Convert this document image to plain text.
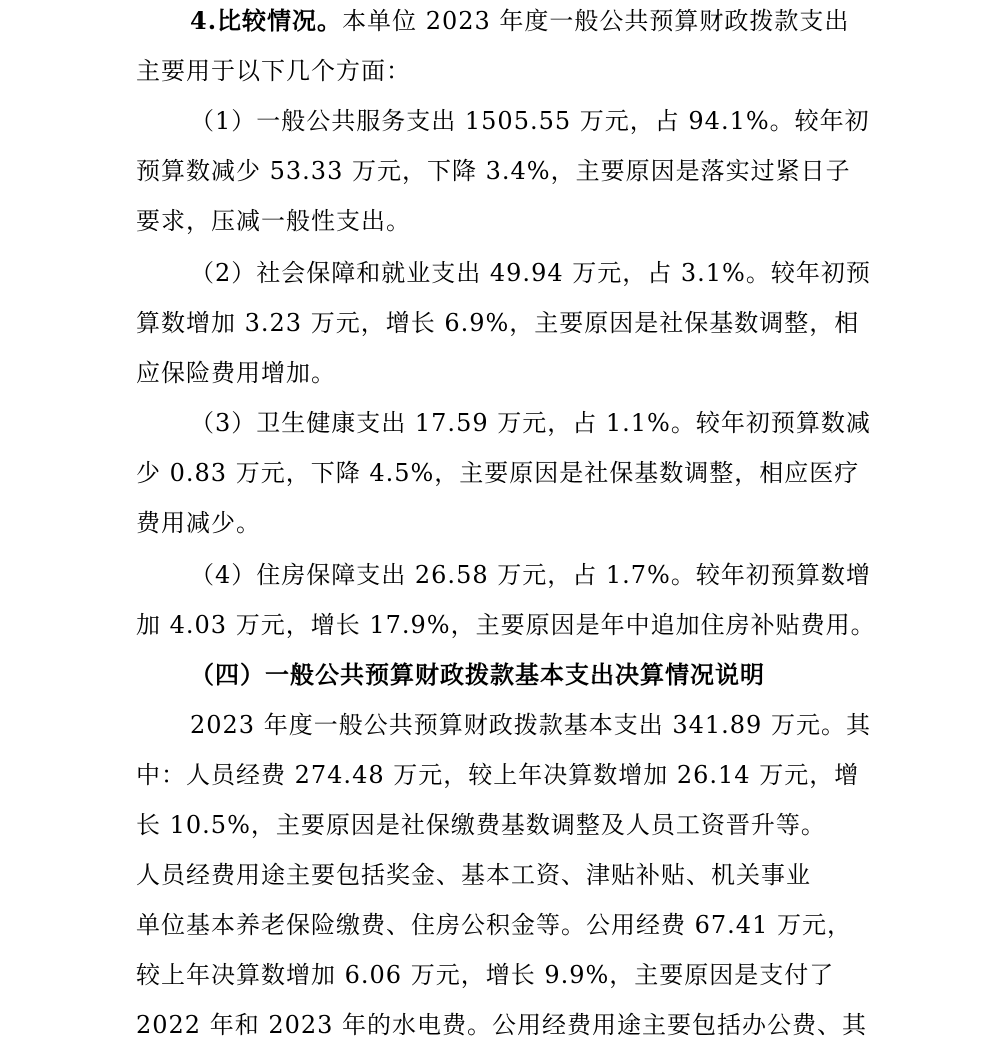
4.比较情况。本单位 2023 年度一般公共预算财政拨款支出
主要用于以下几个方面：
（1）一般公共服务支出 1505.55 万元，占 94.1%。较年初
预算数减少 53.33 万元，下降 3.4%，主要原因是落实过紧日子
要求，压减一般性支出。
（2）社会保障和就业支出 49.94 万元，占 3.1%。较年初预
算数增加 3.23 万元，增长 6.9%，主要原因是社保基数调整，相
应保险费用增加。
（3）卫生健康支出 17.59 万元，占 1.1%。较年初预算数减
少 0.83 万元，下降 4.5%，主要原因是社保基数调整，相应医疗
费用减少。
（4）住房保障支出 26.58 万元，占 1.7%。较年初预算数增
加 4.03 万元，增长 17.9%，主要原因是年中追加住房补贴费用。
（四）一般公共预算财政拨款基本支出决算情况说明
2023 年度一般公共预算财政拨款基本支出 341.89 万元。其
中：人员经费 274.48 万元，较上年决算数增加 26.14 万元，增
长 10.5%，主要原因是社保缴费基数调整及人员工资晋升等。
人员经费用途主要包括奖金、基本工资、津贴补贴、机关事业
单位基本养老保险缴费、住房公积金等。公用经费 67.41 万元，
较上年决算数增加 6.06 万元，增长 9.9%，主要原因是支付了
2022 年和 2023 年的水电费。公用经费用途主要包括办公费、其
